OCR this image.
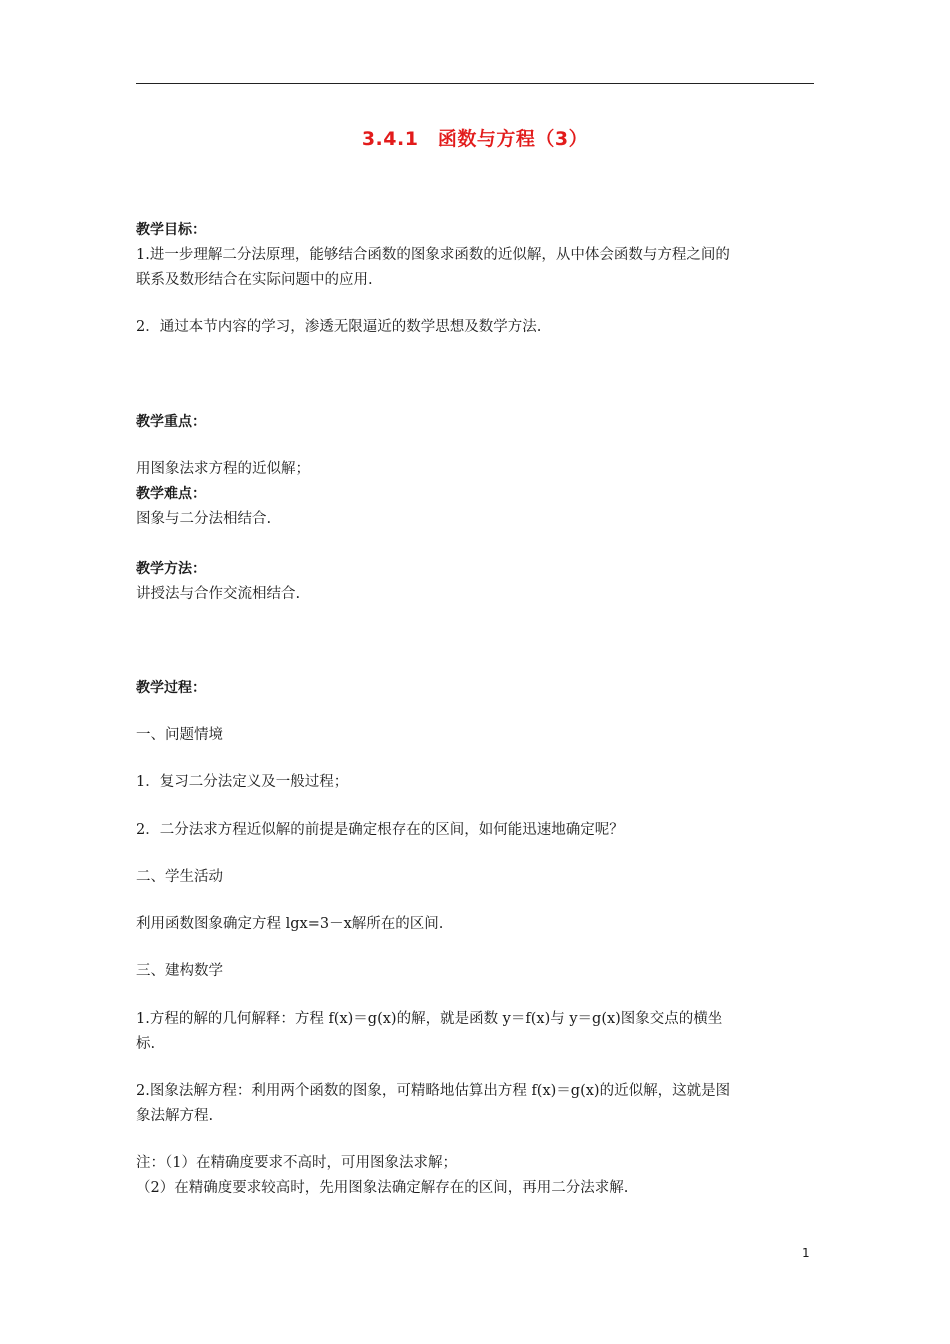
3.4.1　函数与方程（3）
教学目标：
1.进一步理解二分法原理，能够结合函数的图象求函数的近似解，从中体会函数与方程之间的
联系及数形结合在实际问题中的应用.
2．通过本节内容的学习，渗透无限逼近的数学思想及数学方法.
教学重点：
用图象法求方程的近似解；
教学难点：
图象与二分法相结合.
教学方法：
讲授法与合作交流相结合.
教学过程：
一、问题情境
1．复习二分法定义及一般过程；
2．二分法求方程近似解的前提是确定根存在的区间，如何能迅速地确定呢？
二、学生活动
利用函数图象确定方程 lgx=3－x解所在的区间.
三、建构数学
1.方程的解的几何解释：方程 f(x)＝g(x)的解，就是函数 y＝f(x)与 y＝g(x)图象交点的横坐
标.
2.图象法解方程：利用两个函数的图象，可精略地估算出方程 f(x)＝g(x)的近似解，这就是图
象法解方程.
注：（1）在精确度要求不高时，可用图象法求解；
（2）在精确度要求较高时，先用图象法确定解存在的区间，再用二分法求解.
1
